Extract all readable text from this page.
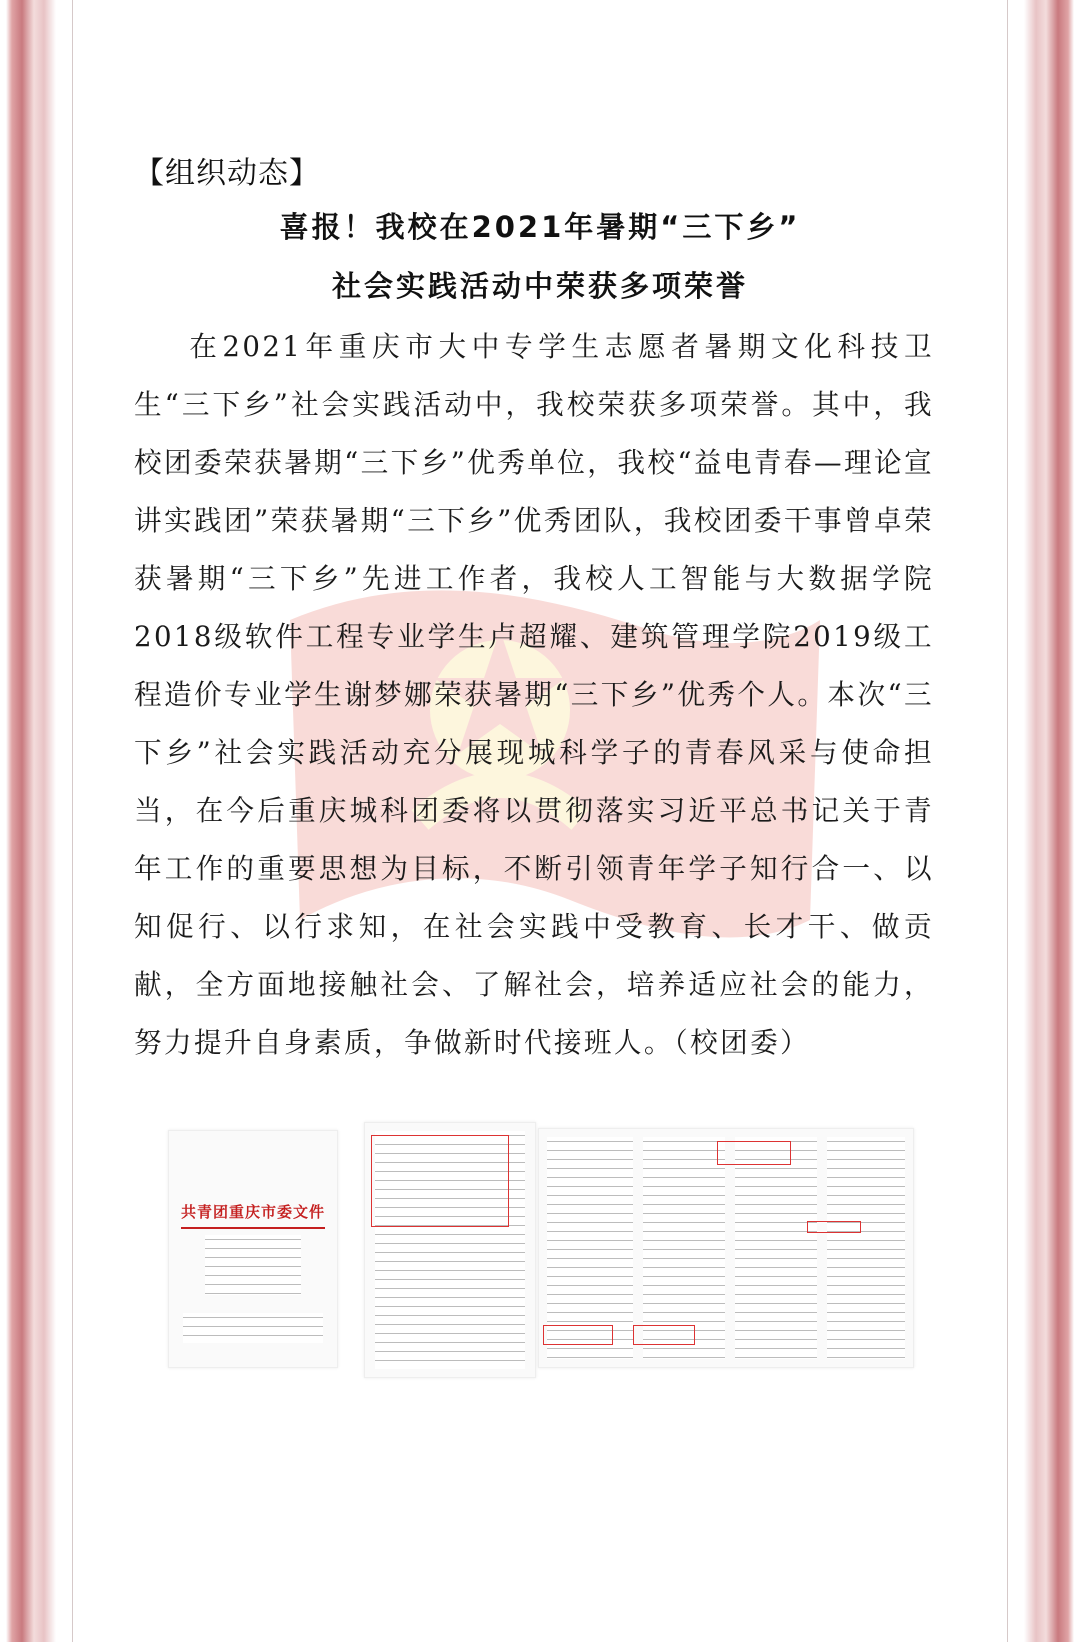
【组织动态】
喜报！我校在2021年暑期“三下乡”
社会实践活动中荣获多项荣誉

在2021年重庆市大中专学生志愿者暑期文化科技卫生“三下乡”社会实践活动中，我校荣获多项荣誉。其中，我校团委荣获暑期“三下乡”优秀单位，我校“益电青春—理论宣讲实践团”荣获暑期“三下乡”优秀团队，我校团委干事曾卓荣获暑期“三下乡”先进工作者，我校人工智能与大数据学院2018级软件工程专业学生卢超耀、建筑管理学院2019级工程造价专业学生谢梦娜荣获暑期“三下乡”优秀个人。本次“三下乡”社会实践活动充分展现城科学子的青春风采与使命担当，在今后重庆城科团委将以贯彻落实习近平总书记关于青年工作的重要思想为目标，不断引领青年学子知行合一、以知促行、以行求知，在社会实践中受教育、长才干、做贡献，全方面地接触社会、了解社会，培养适应社会的能力，努力提升自身素质，争做新时代接班人。（校团委）

共青团重庆市委文件
